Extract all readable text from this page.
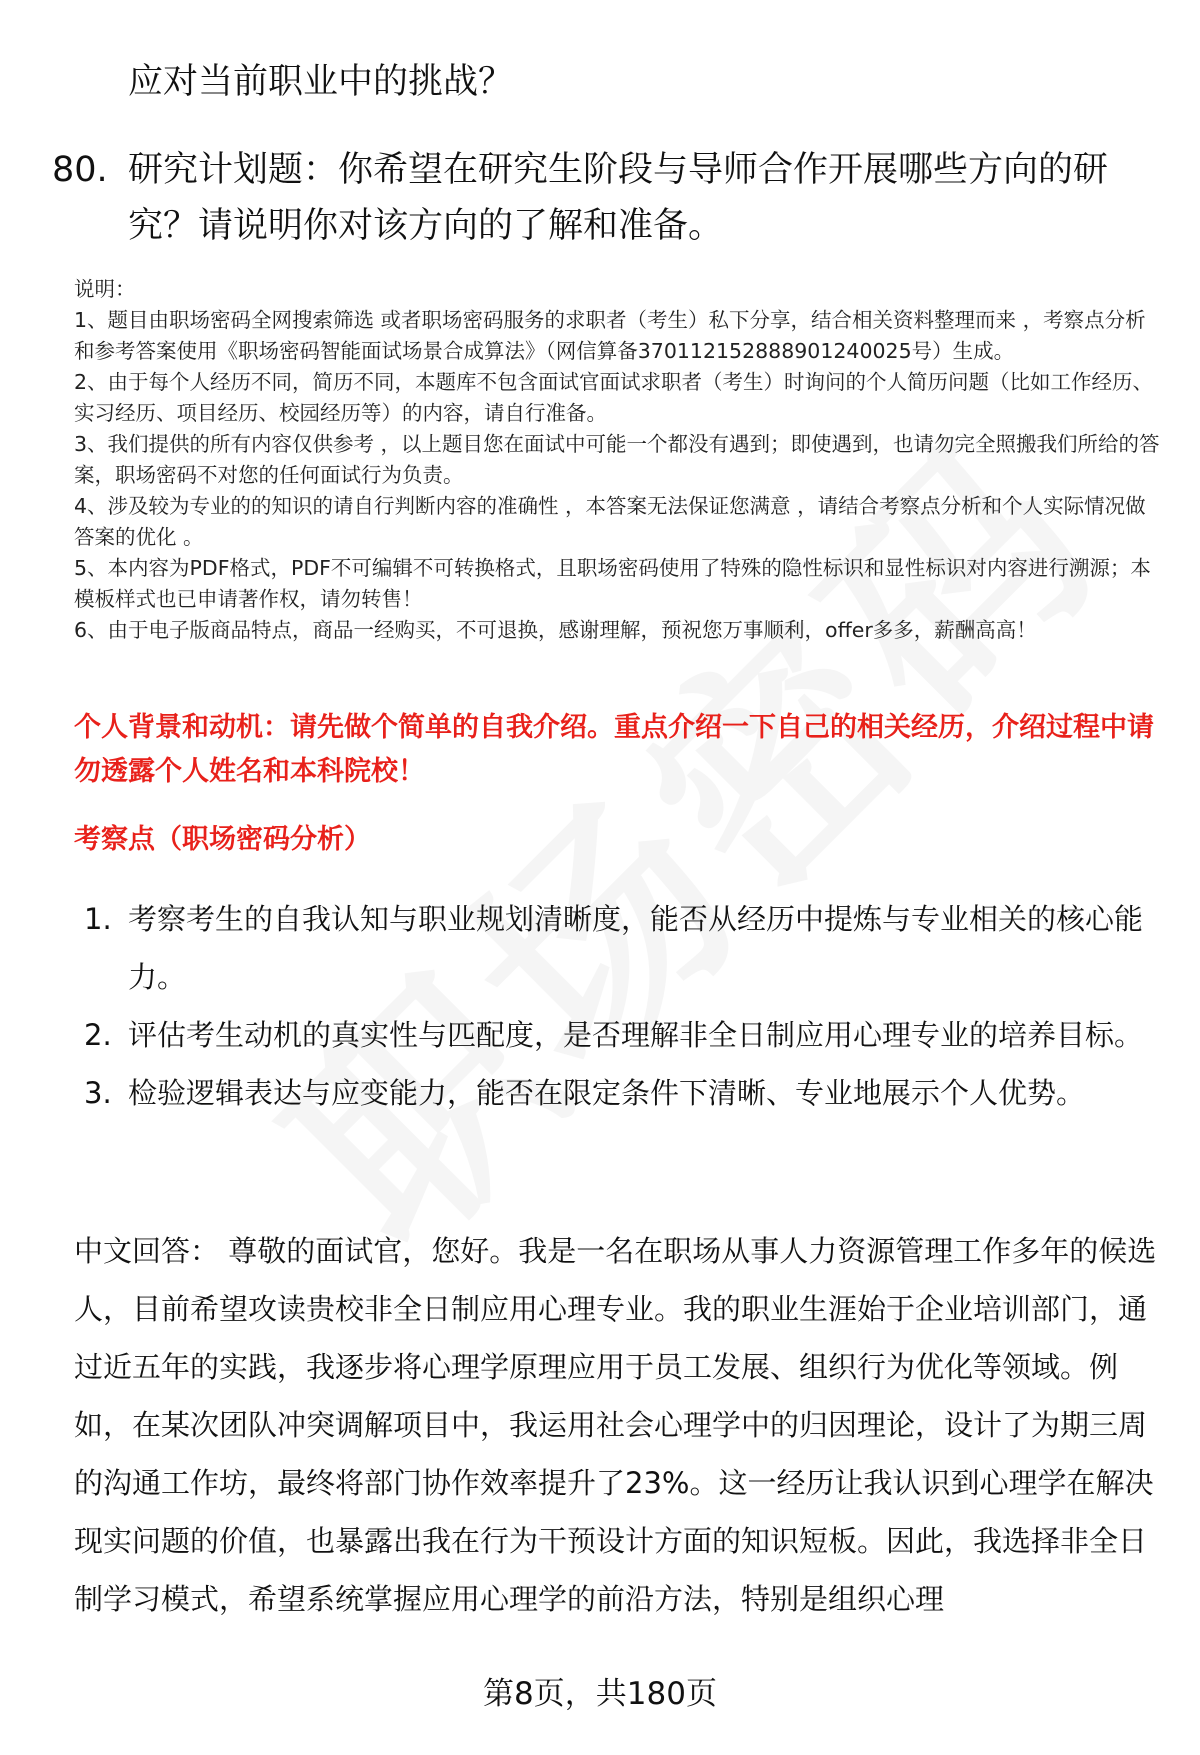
应对当前职业中的挑战？
80. 研究计划题：你希望在研究生阶段与导师合作开展哪些方向的研究？请说明你对该方向的了解和准备。

说明：

1、题目由职场密码全网搜索筛选 或者职场密码服务的求职者（考生）私下分享，结合相关资料整理而来 ，考察点分析和参考答案使用《职场密码智能面试场景合成算法》（网信算备370112152888901240025号）生成。

2、由于每个人经历不同，简历不同，本题库不包含面试官面试求职者（考生）时询问的个人简历问题（比如工作经历、实习经历、项目经历、校园经历等）的内容，请自行准备。

3、我们提供的所有内容仅供参考 ，以上题目您在面试中可能一个都没有遇到；即使遇到，也请勿完全照搬我们所给的答案，职场密码不对您的任何面试行为负责。

4、涉及较为专业的的知识的请自行判断内容的准确性 ，本答案无法保证您满意 ，请结合考察点分析和个人实际情况做答案的优化 。

5、本内容为PDF格式，PDF不可编辑不可转换格式，且职场密码使用了特殊的隐性标识和显性标识对内容进行溯源；本模板样式也已申请著作权，请勿转售！

6、由于电子版商品特点，商品一经购买，不可退换，感谢理解，预祝您万事顺利，offer多多，薪酬高高！

个人背景和动机：请先做个简单的自我介绍。重点介绍一下自己的相关经历，介绍过程中请勿透露个人姓名和本科院校！
考察点（职场密码分析）
1. 考察考生的自我认知与职业规划清晰度，能否从经历中提炼与专业相关的核心能力。
2. 评估考生动机的真实性与匹配度，是否理解非全日制应用心理专业的培养目标。
3. 检验逻辑表达与应变能力，能否在限定条件下清晰、专业地展示个人优势。
中文回答： 尊敬的面试官，您好。我是一名在职场从事人力资源管理工作多年的候选人，目前希望攻读贵校非全日制应用心理专业。我的职业生涯始于企业培训部门，通过近五年的实践，我逐步将心理学原理应用于员工发展、组织行为优化等领域。例如，在某次团队冲突调解项目中，我运用社会心理学中的归因理论，设计了为期三周的沟通工作坊，最终将部门协作效率提升了23%。这一经历让我认识到心理学在解决现实问题的价值，也暴露出我在行为干预设计方面的知识短板。因此，我选择非全日制学习模式，希望系统掌握应用心理学的前沿方法，特别是组织心理
第8页，共180页
